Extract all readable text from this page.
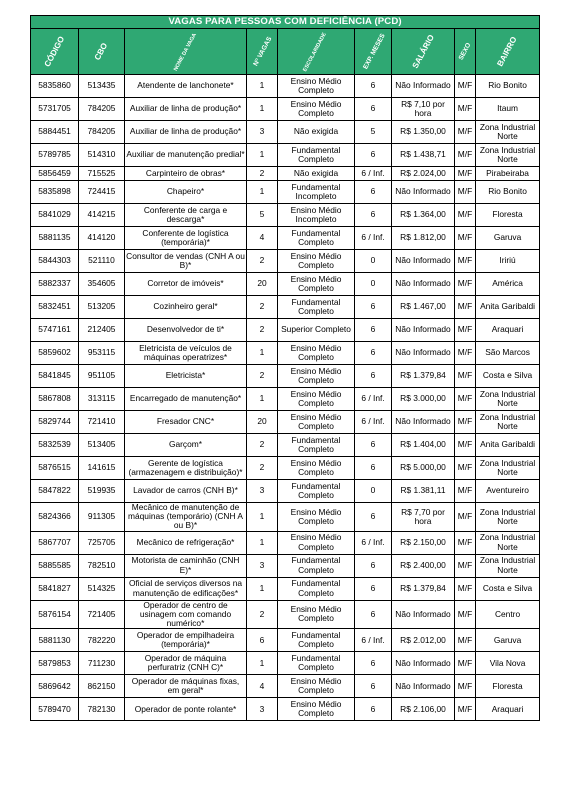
VAGAS PARA PESSOAS COM DEFICIÊNCIA (PCD)								
CÓDIGO	CBO	NOME DA VAGA	Nº VAGAS	ESCOLARIDADE	EXP. MESES	SALÁRIO	SEXO	BAIRRO
5835860	513435	Atendente de lanchonete*	1	Ensino Médio Completo	6	Não Informado	M/F	Rio Bonito
5731705	784205	Auxiliar de linha de produção*	1	Ensino Médio Completo	6	R$ 7,10 por hora	M/F	Itaum
5884451	784205	Auxiliar de linha de produção*	3	Não exigida	5	R$ 1.350,00	M/F	Zona Industrial Norte
5789785	514310	Auxiliar de manutenção predial*	1	Fundamental Completo	6	R$ 1.438,71	M/F	Zona Industrial Norte
5856459	715525	Carpinteiro de obras*	2	Não exigida	6 / Inf.	R$ 2.024,00	M/F	Pirabeiraba
5835898	724415	Chapeiro*	1	Fundamental Incompleto	6	Não Informado	M/F	Rio Bonito
5841029	414215	Conferente de carga e descarga*	5	Ensino Médio Incompleto	6	R$ 1.364,00	M/F	Floresta
5881135	414120	Conferente de logística (temporária)*	4	Fundamental Completo	6 / Inf.	R$ 1.812,00	M/F	Garuva
5844303	521110	Consultor de vendas (CNH A ou B)*	2	Ensino Médio Completo	0	Não Informado	M/F	Iririú
5882337	354605	Corretor de imóveis*	20	Ensino Médio Completo	0	Não Informado	M/F	América
5832451	513205	Cozinheiro geral*	2	Fundamental Completo	6	R$ 1.467,00	M/F	Anita Garibaldi
5747161	212405	Desenvolvedor de ti*	2	Superior Completo	6	Não Informado	M/F	Araquari
5859602	953115	Eletricista de veículos de máquinas operatrizes*	1	Ensino Médio Completo	6	Não Informado	M/F	São Marcos
5841845	951105	Eletricista*	2	Ensino Médio Completo	6	R$ 1.379,84	M/F	Costa e Silva
5867808	313115	Encarregado de manutenção*	1	Ensino Médio Completo	6 / Inf.	R$ 3.000,00	M/F	Zona Industrial Norte
5829744	721410	Fresador CNC*	20	Ensino Médio Completo	6 / Inf.	Não Informado	M/F	Zona Industrial Norte
5832539	513405	Garçom*	2	Fundamental Completo	6	R$ 1.404,00	M/F	Anita Garibaldi
5876515	141615	Gerente de logística (armazenagem e distribuição)*	2	Ensino Médio Completo	6	R$ 5.000,00	M/F	Zona Industrial Norte
5847822	519935	Lavador de carros (CNH B)*	3	Fundamental Completo	0	R$ 1.381,11	M/F	Aventureiro
5824366	911305	Mecânico de manutenção de máquinas (temporário) (CNH A ou B)*	1	Ensino Médio Completo	6	R$ 7,70 por hora	M/F	Zona Industrial Norte
5867707	725705	Mecânico de refrigeração*	1	Ensino Médio Completo	6 / Inf.	R$ 2.150,00	M/F	Zona Industrial Norte
5885585	782510	Motorista de caminhão (CNH E)*	3	Fundamental Completo	6	R$ 2.400,00	M/F	Zona Industrial Norte
5841827	514325	Oficial de serviços diversos na manutenção de edificações*	1	Fundamental Completo	6	R$ 1.379,84	M/F	Costa e Silva
5876154	721405	Operador de centro de usinagem com comando numérico*	2	Ensino Médio Completo	6	Não Informado	M/F	Centro
5881130	782220	Operador de empilhadeira (temporária)*	6	Fundamental Completo	6 / Inf.	R$ 2.012,00	M/F	Garuva
5879853	711230	Operador de máquina perfuratriz (CNH C)*	1	Fundamental Completo	6	Não Informado	M/F	Vila Nova
5869642	862150	Operador de máquinas fixas, em geral*	4	Ensino Médio Completo	6	Não Informado	M/F	Floresta
5789470	782130	Operador de ponte rolante*	3	Ensino Médio Completo	6	R$ 2.106,00	M/F	Araquari
